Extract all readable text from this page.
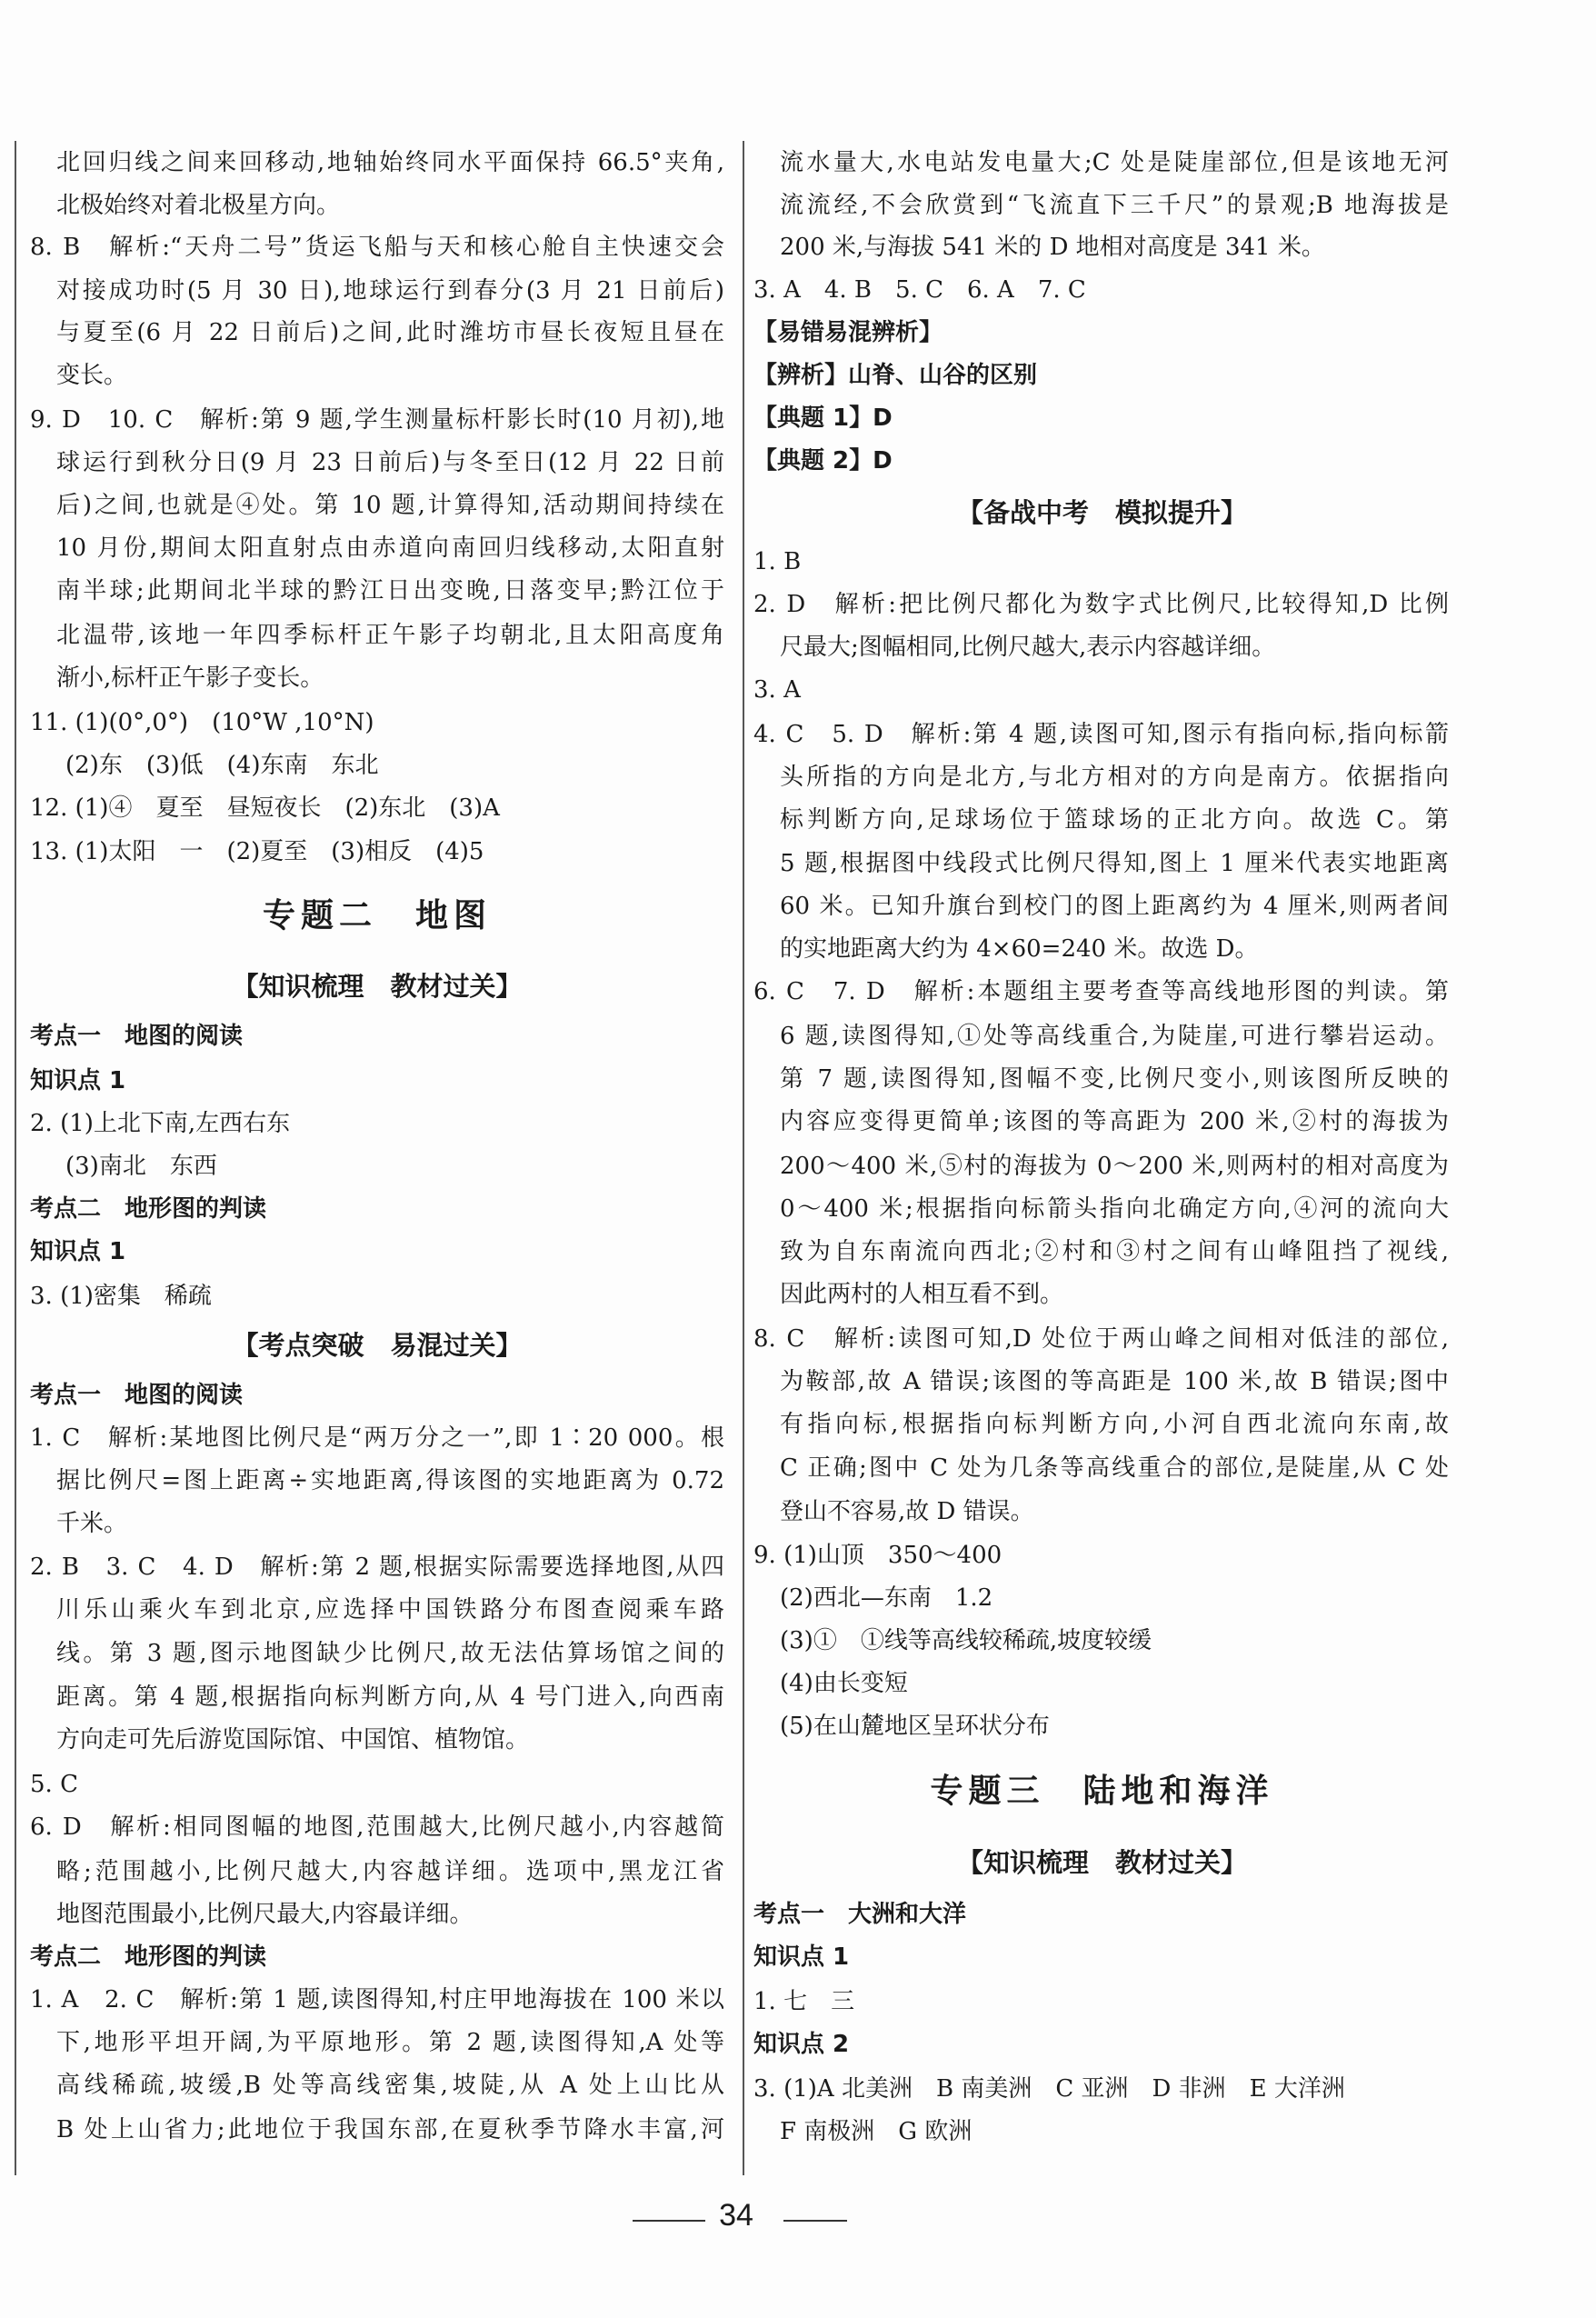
北回归线之间来回移动,地轴始终同水平面保持 66.5°夹角,
北极始终对着北极星方向。
8. B　解析:“天舟二号”货运飞船与天和核心舱自主快速交会
对接成功时(5 月 30 日),地球运行到春分(3 月 21 日前后)
与夏至(6 月 22 日前后)之间,此时潍坊市昼长夜短且昼在
变长。
9. D　10. C　解析:第 9 题,学生测量标杆影长时(10 月初),地
球运行到秋分日(9 月 23 日前后)与冬至日(12 月 22 日前
后)之间,也就是④处。第 10 题,计算得知,活动期间持续在
10 月份,期间太阳直射点由赤道向南回归线移动,太阳直射
南半球;此期间北半球的黔江日出变晚,日落变早;黔江位于
北温带,该地一年四季标杆正午影子均朝北,且太阳高度角
渐小,标杆正午影子变长。
11. (1)(0°,0°)　(10°W ,10°N)
(2)东　(3)低　(4)东南　东北
12. (1)④　夏至　昼短夜长　(2)东北　(3)A
13. (1)太阳　一　(2)夏至　(3)相反　(4)5
专题二　地图
【知识梳理　教材过关】
考点一　地图的阅读
知识点 1
2. (1)上北下南,左西右东
(3)南北　东西
考点二　地形图的判读
知识点 1
3. (1)密集　稀疏
【考点突破　易混过关】
考点一　地图的阅读
1. C　解析:某地图比例尺是“两万分之一”,即 1∶20 000。根
据比例尺=图上距离÷实地距离,得该图的实地距离为 0.72
千米。
2. B　3. C　4. D　解析:第 2 题,根据实际需要选择地图,从四
川乐山乘火车到北京,应选择中国铁路分布图查阅乘车路
线。第 3 题,图示地图缺少比例尺,故无法估算场馆之间的
距离。第 4 题,根据指向标判断方向,从 4 号门进入,向西南
方向走可先后游览国际馆、中国馆、植物馆。
5. C
6. D　解析:相同图幅的地图,范围越大,比例尺越小,内容越简
略;范围越小,比例尺越大,内容越详细。选项中,黑龙江省
地图范围最小,比例尺最大,内容最详细。
考点二　地形图的判读
1. A　2. C　解析:第 1 题,读图得知,村庄甲地海拔在 100 米以
下,地形平坦开阔,为平原地形。第 2 题,读图得知,A 处等
高线稀疏,坡缓,B 处等高线密集,坡陡,从 A 处上山比从
B 处上山省力;此地位于我国东部,在夏秋季节降水丰富,河
流水量大,水电站发电量大;C 处是陡崖部位,但是该地无河
流流经,不会欣赏到“飞流直下三千尺”的景观;B 地海拔是
200 米,与海拔 541 米的 D 地相对高度是 341 米。
3. A　4. B　5. C　6. A　7. C
【易错易混辨析】
【辨析】山脊、山谷的区别
【典题 1】D
【典题 2】D
【备战中考　模拟提升】
1. B
2. D　解析:把比例尺都化为数字式比例尺,比较得知,D 比例
尺最大;图幅相同,比例尺越大,表示内容越详细。
3. A
4. C　5. D　解析:第 4 题,读图可知,图示有指向标,指向标箭
头所指的方向是北方,与北方相对的方向是南方。依据指向
标判断方向,足球场位于篮球场的正北方向。故选 C。第
5 题,根据图中线段式比例尺得知,图上 1 厘米代表实地距离
60 米。已知升旗台到校门的图上距离约为 4 厘米,则两者间
的实地距离大约为 4×60=240 米。故选 D。
6. C　7. D　解析:本题组主要考查等高线地形图的判读。第
6 题,读图得知,①处等高线重合,为陡崖,可进行攀岩运动。
第 7 题,读图得知,图幅不变,比例尺变小,则该图所反映的
内容应变得更简单;该图的等高距为 200 米,②村的海拔为
200～400 米,⑤村的海拔为 0～200 米,则两村的相对高度为
0～400 米;根据指向标箭头指向北确定方向,④河的流向大
致为自东南流向西北;②村和③村之间有山峰阻挡了视线,
因此两村的人相互看不到。
8. C　解析:读图可知,D 处位于两山峰之间相对低洼的部位,
为鞍部,故 A 错误;该图的等高距是 100 米,故 B 错误;图中
有指向标,根据指向标判断方向,小河自西北流向东南,故
C 正确;图中 C 处为几条等高线重合的部位,是陡崖,从 C 处
登山不容易,故 D 错误。
9. (1)山顶　350～400
(2)西北—东南　1.2
(3)①　①线等高线较稀疏,坡度较缓
(4)由长变短
(5)在山麓地区呈环状分布
专题三　陆地和海洋
【知识梳理　教材过关】
考点一　大洲和大洋
知识点 1
1. 七　三
知识点 2
3. (1)A 北美洲　B 南美洲　C 亚洲　D 非洲　E 大洋洲
F 南极洲　G 欧洲
34
